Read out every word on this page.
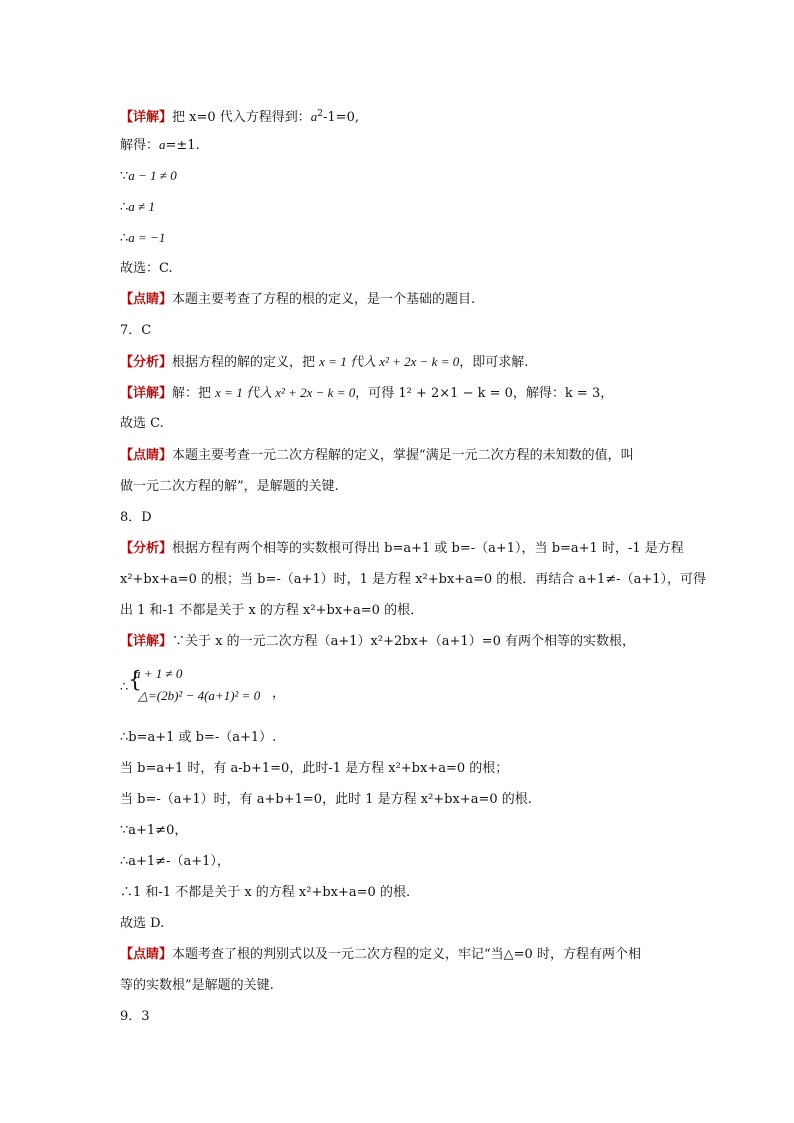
【详解】把 x=0 代入方程得到：$a^2-1=0$,
解得：a=±1.
∵a − 1 ≠ 0
∴a ≠ 1
∴a = −1
故选：C.
【点睛】本题主要考查了方程的根的定义，是一个基础的题目.
7．C
【分析】根据方程的解的定义，把 x = 1 代入 x² + 2x − k = 0，即可求解.
【详解】解：把 x = 1 代入 x² + 2x − k = 0，可得 1² + 2×1 − k = 0，解得：k = 3，
故选 C.
【点睛】本题主要考查一元二次方程解的定义，掌握“满足一元二次方程的未知数的值，叫
做一元二次方程的解”，是解题的关键.
8．D
【分析】根据方程有两个相等的实数根可得出 b=a+1 或 b=-（a+1），当 b=a+1 时，-1 是方程
x²+bx+a=0 的根；当 b=-（a+1）时，1 是方程 x²+bx+a=0 的根．再结合 a+1≠-（a+1），可得
出 1 和-1 不都是关于 x 的方程 x²+bx+a=0 的根．
【详解】∵关于 x 的一元二次方程（a+1）x²+2bx+（a+1）=0 有两个相等的实数根，
∴ {
a + 1 ≠ 0
△=(2b)² − 4(a+1)² = 0 ，
∴b=a+1 或 b=-（a+1）.
当 b=a+1 时，有 a-b+1=0，此时-1 是方程 x²+bx+a=0 的根；
当 b=-（a+1）时，有 a+b+1=0，此时 1 是方程 x²+bx+a=0 的根.
∵a+1≠0，
∴a+1≠-（a+1），
∴1 和-1 不都是关于 x 的方程 x²+bx+a=0 的根.
故选 D.
【点睛】本题考查了根的判别式以及一元二次方程的定义，牢记“当△=0 时，方程有两个相
等的实数根”是解题的关键.
9．3
